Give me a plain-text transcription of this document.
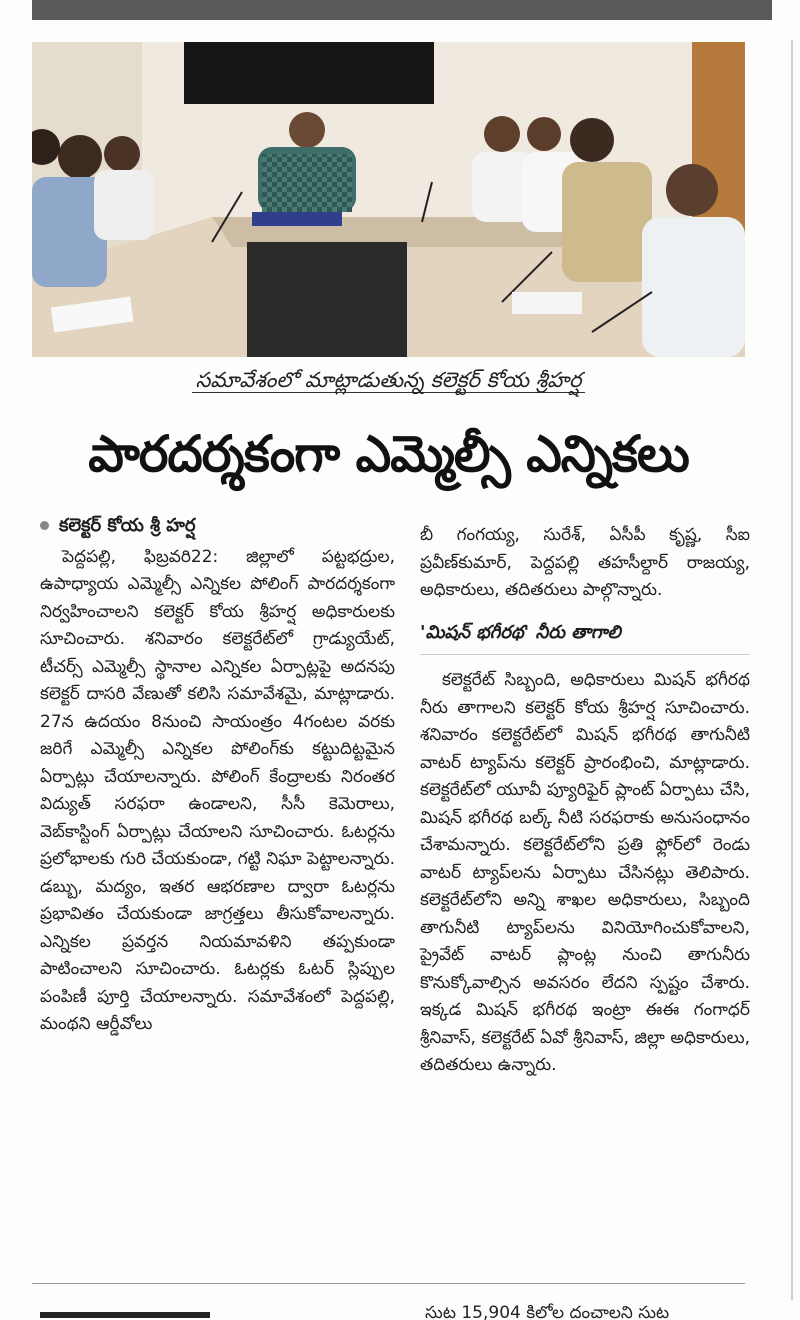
సమావేశంలో మాట్లాడుతున్న కలెక్టర్ కోయ శ్రీహర్ష
పారదర్శకంగా ఎమ్మెల్సీ ఎన్నికలు
కలెక్టర్ కోయ శ్రీ హర్ష

పెద్దపల్లి, ఫిబ్రవరి22: జిల్లాలో పట్టభద్రుల, ఉపాధ్యాయ ఎమ్మెల్సీ ఎన్నికల పోలింగ్ పారదర్శకంగా నిర్వహించాలని కలెక్టర్ కోయ శ్రీహర్ష అధికారులకు సూచించారు. శనివారం కలెక్టరేట్‌లో గ్రాడ్యుయేట్, టీచర్స్ ఎమ్మెల్సీ స్థానాల ఎన్నికల ఏర్పాట్లపై అదనపు కలెక్టర్ దాసరి వేణుతో కలిసి సమావేశమై, మాట్లాడారు. 27న ఉదయం 8నుంచి సాయంత్రం 4గంటల వరకు జరిగే ఎమ్మెల్సీ ఎన్నికల పోలింగ్‌కు కట్టుదిట్టమైన ఏర్పాట్లు చేయాలన్నారు. పోలింగ్ కేంద్రాలకు నిరంతర విద్యుత్ సరఫరా ఉండాలని, సీసీ కెమెరాలు, వెబ్‌కాస్టింగ్ ఏర్పాట్లు చేయాలని సూచించారు. ఓటర్లను ప్రలోభాలకు గురి చేయకుండా, గట్టి నిఘా పెట్టాలన్నారు. డబ్బు, మద్యం, ఇతర ఆభరణాల ద్వారా ఓటర్లను ప్రభావితం చేయకుండా జాగ్రత్తలు తీసుకోవాలన్నారు. ఎన్నికల ప్రవర్తన నియమావళిని తప్పకుండా పాటించాలని సూచించారు. ఓటర్లకు ఓటర్ స్లిప్పుల పంపిణీ పూర్తి చేయాలన్నారు. సమావేశంలో పెద్దపల్లి, మంథని ఆర్డీవోలు

బీ గంగయ్య, సురేశ్, ఏసీపీ కృష్ణ, సీఐ ప్రవీణ్‌కుమార్, పెద్దపల్లి తహసీల్దార్ రాజయ్య, అధికారులు, తదితరులు పాల్గొన్నారు.

'మిషన్ భగీరథ' నీరు తాగాలి

కలెక్టరేట్ సిబ్బంది, అధికారులు మిషన్ భగీరథ నీరు తాగాలని కలెక్టర్ కోయ శ్రీహర్ష సూచించారు. శనివారం కలెక్టరేట్‌లో మిషన్ భగీరథ తాగునీటి వాటర్ ట్యాప్‌ను కలెక్టర్ ప్రారంభించి, మాట్లాడారు. కలెక్టరేట్‌లో యూవీ ప్యూరిఫైర్ ప్లాంట్ ఏర్పాటు చేసి, మిషన్ భగీరథ బల్క్ నీటి సరఫరాకు అనుసంధానం చేశామన్నారు. కలెక్టరేట్‌లోని ప్రతి ఫ్లోర్‌లో రెండు వాటర్ ట్యాప్‌లను ఏర్పాటు చేసినట్లు తెలిపారు. కలెక్టరేట్‌లోని అన్ని శాఖల అధికారులు, సిబ్బంది తాగునీటి ట్యాప్‌లను వినియోగించుకోవాలని, ప్రైవేట్ వాటర్ ప్లాంట్ల నుంచి తాగునీరు కొనుక్కోవాల్సిన అవసరం లేదని స్పష్టం చేశారు. ఇక్కడ మిషన్ భగీరథ ఇంట్రా ఈఈ గంగాధర్ శ్రీనివాస్, కలెక్టరేట్ ఏవో శ్రీనివాస్, జిల్లా అధికారులు, తదితరులు ఉన్నారు.

సుట 15,904 కిలోల దంచాలని సుట
